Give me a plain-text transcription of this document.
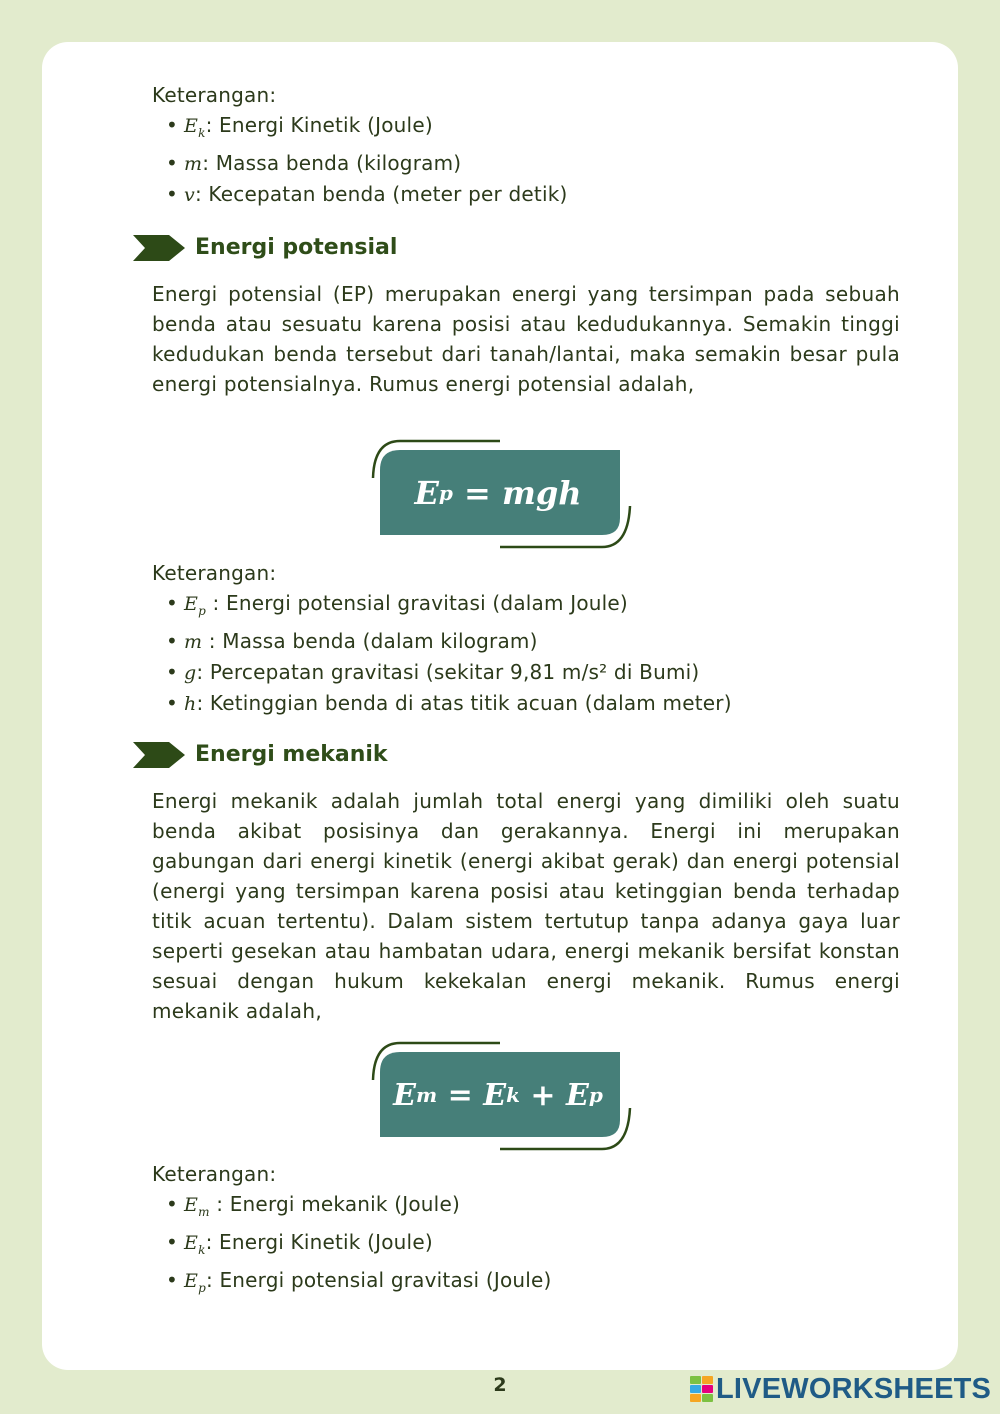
Keterangan:
• $E_k$: Energi Kinetik (Joule)
• m: Massa benda (kilogram)
• v: Kecepatan benda (meter per detik)
Energi potensial
Energi potensial (EP) merupakan energi yang tersimpan pada sebuah benda atau sesuatu karena posisi atau kedudukannya. Semakin tinggi kedudukan benda tersebut dari tanah/lantai, maka semakin besar pula energi potensialnya. Rumus energi potensial adalah,
E p = mgh
Keterangan:
• $E_p$ : Energi potensial gravitasi (dalam Joule)
• m : Massa benda (dalam kilogram)
• g: Percepatan gravitasi (sekitar 9,81 m/s² di Bumi)
• h: Ketinggian benda di atas titik acuan (dalam meter)
Energi mekanik
Energi mekanik adalah jumlah total energi yang dimiliki oleh suatu benda akibat posisinya dan gerakannya. Energi ini merupakan gabungan dari energi kinetik (energi akibat gerak) dan energi potensial (energi yang tersimpan karena posisi atau ketinggian benda terhadap titik acuan tertentu). Dalam sistem tertutup tanpa adanya gaya luar seperti gesekan atau hambatan udara, energi mekanik bersifat konstan sesuai dengan hukum kekekalan energi mekanik. Rumus energi mekanik adalah,
E m = E k + E p
Keterangan:
• $E_m$ : Energi mekanik (Joule)
• $E_k$: Energi Kinetik (Joule)
• $E_p$: Energi potensial gravitasi (Joule)
2	LIVEWORKSHEETS
